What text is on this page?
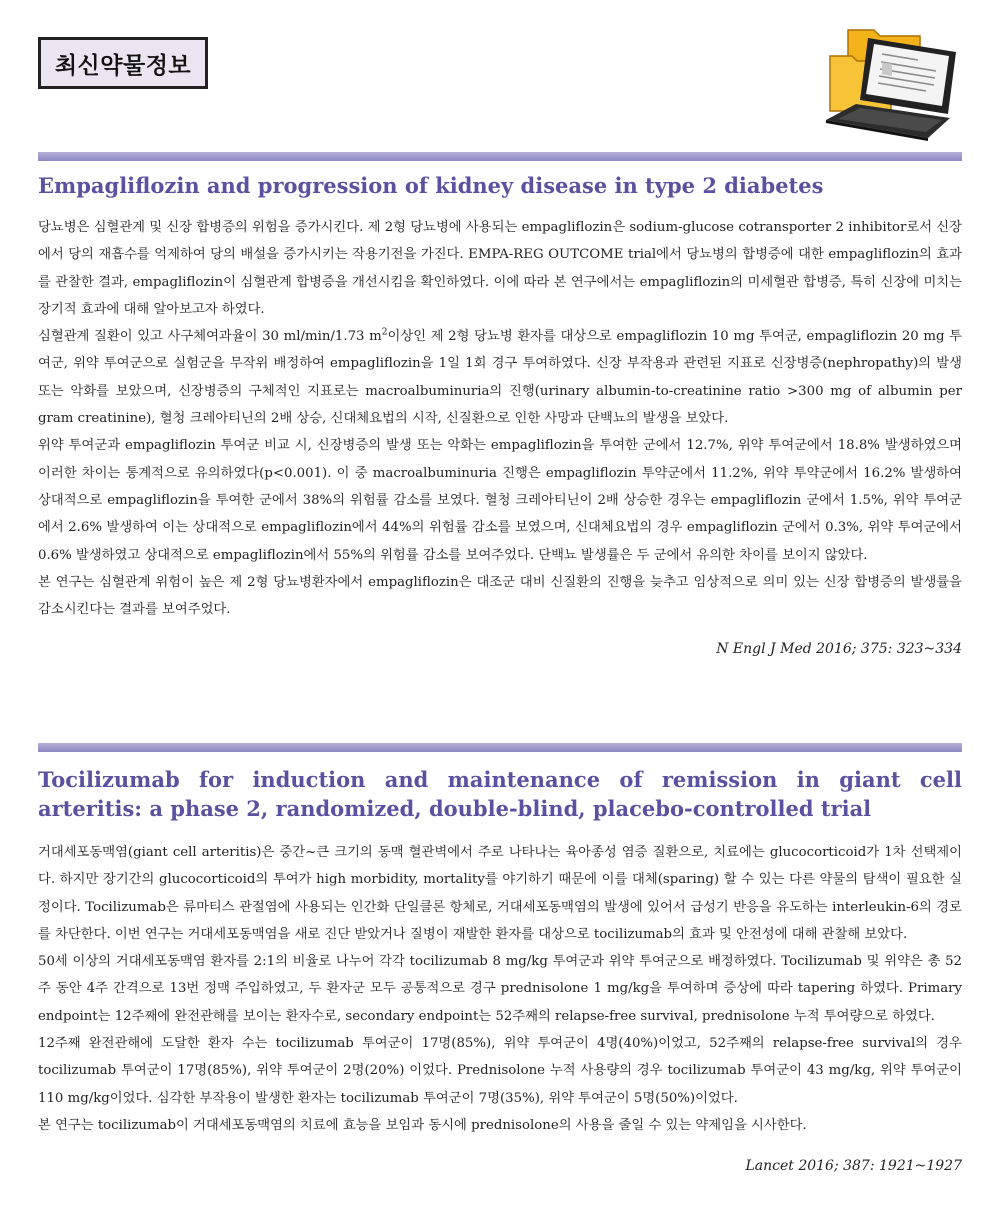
최신약물정보
Empagliflozin and progression of kidney disease in type 2 diabetes

당뇨병은 심혈관계 및 신장 합병증의 위험을 증가시킨다. 제 2형 당뇨병에 사용되는 empagliflozin은 sodium-glucose cotransporter 2 inhibitor로서 신장에서 당의 재흡수를 억제하여 당의 배설을 증가시키는 작용기전을 가진다. EMPA-REG OUTCOME trial에서 당뇨병의 합병증에 대한 empagliflozin의 효과를 관찰한 결과, empagliflozin이 심혈관계 합병증을 개선시킴을 확인하였다. 이에 따라 본 연구에서는 empagliflozin의 미세혈관 합병증, 특히 신장에 미치는 장기적 효과에 대해 알아보고자 하였다.

심혈관계 질환이 있고 사구체여과율이 30 ml/min/1.73 $m^2$이상인 제 2형 당뇨병 환자를 대상으로 empagliflozin 10 mg 투여군, empagliflozin 20 mg 투여군, 위약 투여군으로 실험군을 무작위 배정하여 empagliflozin을 1일 1회 경구 투여하였다. 신장 부작용과 관련된 지표로 신장병증(nephropathy)의 발생 또는 악화를 보았으며, 신장병증의 구체적인 지표로는 macroalbuminuria의 진행(urinary albumin-to-creatinine ratio >300 mg of albumin per gram creatinine), 혈청 크레아티닌의 2배 상승, 신대체요법의 시작, 신질환으로 인한 사망과 단백뇨의 발생을 보았다.

위약 투여군과 empagliflozin 투여군 비교 시, 신장병증의 발생 또는 악화는 empagliflozin을 투여한 군에서 12.7%, 위약 투여군에서 18.8% 발생하였으며 이러한 차이는 통계적으로 유의하였다(p<0.001). 이 중 macroalbuminuria 진행은 empagliflozin 투약군에서 11.2%, 위약 투약군에서 16.2% 발생하여 상대적으로 empagliflozin을 투여한 군에서 38%의 위험률 감소를 보였다. 혈청 크레아티닌이 2배 상승한 경우는 empagliflozin 군에서 1.5%, 위약 투여군에서 2.6% 발생하여 이는 상대적으로 empagliflozin에서 44%의 위험률 감소를 보였으며, 신대체요법의 경우 empagliflozin 군에서 0.3%, 위약 투여군에서 0.6% 발생하였고 상대적으로 empagliflozin에서 55%의 위험률 감소를 보여주었다. 단백뇨 발생률은 두 군에서 유의한 차이를 보이지 않았다.

본 연구는 심혈관계 위험이 높은 제 2형 당뇨병환자에서 empagliflozin은 대조군 대비 신질환의 진행을 늦추고 임상적으로 의미 있는 신장 합병증의 발생률을 감소시킨다는 결과를 보여주었다.

N Engl J Med 2016; 375: 323~334
Tocilizumab for induction and maintenance of remission in giant cell arteritis: a phase 2, randomized, double-blind, placebo-controlled trial

거대세포동맥염(giant cell arteritis)은 중간~큰 크기의 동맥 혈관벽에서 주로 나타나는 육아종성 염증 질환으로, 치료에는 glucocorticoid가 1차 선택제이다. 하지만 장기간의 glucocorticoid의 투여가 high morbidity, mortality를 야기하기 때문에 이를 대체(sparing) 할 수 있는 다른 약물의 탐색이 필요한 실정이다. Tocilizumab은 류마티스 관절염에 사용되는 인간화 단일클론 항체로, 거대세포동맥염의 발생에 있어서 급성기 반응을 유도하는 interleukin-6의 경로를 차단한다. 이번 연구는 거대세포동맥염을 새로 진단 받았거나 질병이 재발한 환자를 대상으로 tocilizumab의 효과 및 안전성에 대해 관찰해 보았다.

50세 이상의 거대세포동맥염 환자를 2:1의 비율로 나누어 각각 tocilizumab 8 mg/kg 투여군과 위약 투여군으로 배정하였다. Tocilizumab 및 위약은 총 52주 동안 4주 간격으로 13번 정맥 주입하였고, 두 환자군 모두 공통적으로 경구 prednisolone 1 mg/kg을 투여하며 증상에 따라 tapering 하였다. Primary endpoint는 12주째에 완전관해를 보이는 환자수로, secondary endpoint는 52주째의 relapse-free survival, prednisolone 누적 투여량으로 하였다.

12주째 완전관해에 도달한 환자 수는 tocilizumab 투여군이 17명(85%), 위약 투여군이 4명(40%)이었고, 52주째의 relapse-free survival의 경우 tocilizumab 투여군이 17명(85%), 위약 투여군이 2명(20%) 이었다. Prednisolone 누적 사용량의 경우 tocilizumab 투여군이 43 mg/kg, 위약 투여군이 110 mg/kg이었다. 심각한 부작용이 발생한 환자는 tocilizumab 투여군이 7명(35%), 위약 투여군이 5명(50%)이었다.

본 연구는 tocilizumab이 거대세포동맥염의 치료에 효능을 보임과 동시에 prednisolone의 사용을 줄일 수 있는 약제임을 시사한다.

Lancet 2016; 387: 1921~1927
